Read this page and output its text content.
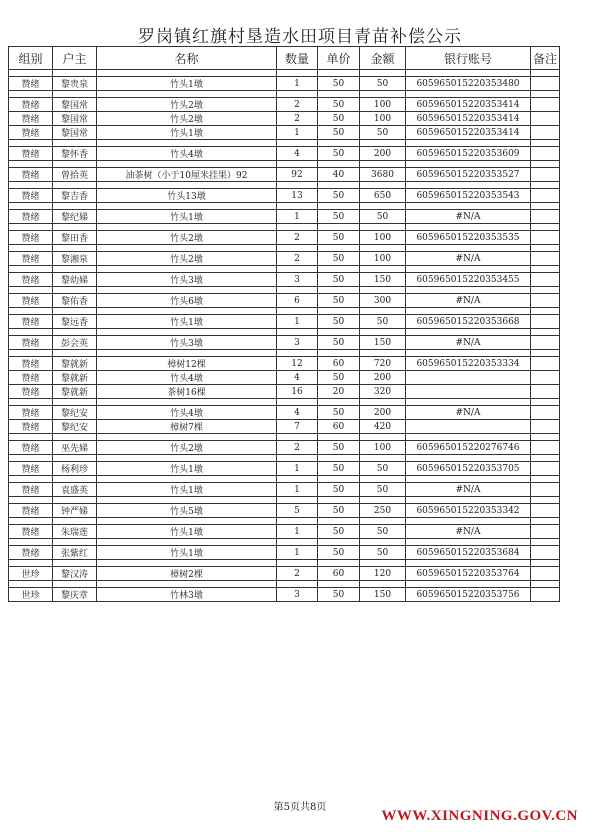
罗岗镇红旗村垦造水田项目青苗补偿公示
组别	户主	名称	数量	单价	金额	银行账号	备注

赞绪	黎贵泉	竹头1墩	1	50	50	605965015220353480	

赞绪	黎国常	竹头2墩	2	50	100	605965015220353414	
赞绪	黎国常	竹头2墩	2	50	100	605965015220353414	
赞绪	黎国常	竹头1墩	1	50	50	605965015220353414	

赞绪	黎怀香	竹头4墩	4	50	200	605965015220353609	

赞绪	曾拾英	油茶树（小于10厘米挂果）92	92	40	3680	605965015220353527	

赞绪	黎吉香	竹头13墩	13	50	650	605965015220353543	

赞绪	黎纪娣	竹头1墩	1	50	50	#N/A	

赞绪	黎田香	竹头2墩	2	50	100	605965015220353535	

赞绪	黎湘泉	竹头2墩	2	50	100	#N/A	

赞绪	黎幼娣	竹头3墩	3	50	150	605965015220353455	

赞绪	黎佑香	竹头6墩	6	50	300	#N/A	

赞绪	黎远香	竹头1墩	1	50	50	605965015220353668	

赞绪	彭会英	竹头3墩	3	50	150	#N/A	

赞绪	黎就新	樟树12棵	12	60	720	605965015220353334	
赞绪	黎就新	竹头4墩	4	50	200		
赞绪	黎就新	茶树16棵	16	20	320		

赞绪	黎纪安	竹头4墩	4	50	200	#N/A	
赞绪	黎纪安	樟树7棵	7	60	420		

赞绪	巫先娣	竹头2墩	2	50	100	605965015220276746	

赞绪	杨利珍	竹头1墩	1	50	50	605965015220353705	

赞绪	袁盛英	竹头1墩	1	50	50	#N/A	

赞绪	钟严娣	竹头5墩	5	50	250	605965015220353342	

赞绪	朱瑞莲	竹头1墩	1	50	50	#N/A	

赞绪	张紫红	竹头1墩	1	50	50	605965015220353684	

世珍	黎汉涛	樟树2棵	2	60	120	605965015220353764	

世珍	黎庆章	竹林3墩	3	50	150	605965015220353756	
第5页共8页
WWW.XINGNING.GOV.CN
